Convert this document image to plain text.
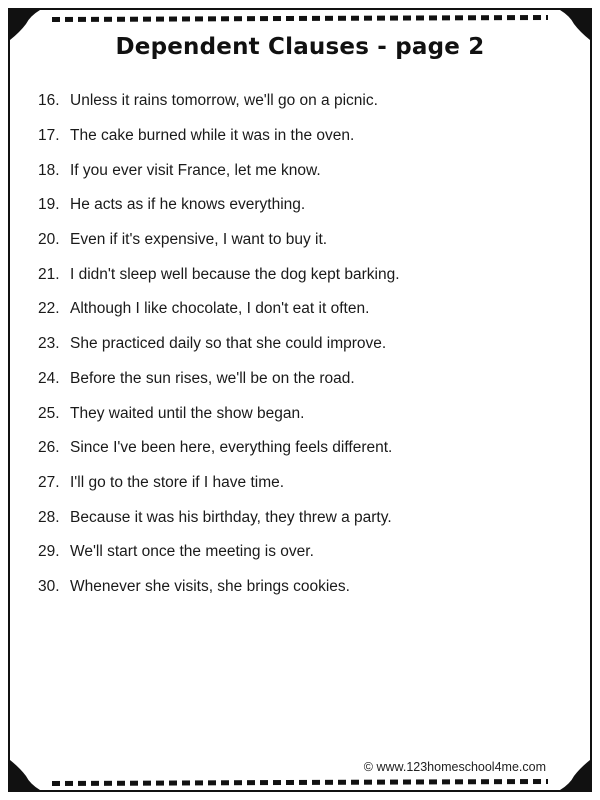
Dependent Clauses - page 2
16. Unless it rains tomorrow, we'll go on a picnic.
17. The cake burned while it was in the oven.
18. If you ever visit France, let me know.
19. He acts as if he knows everything.
20. Even if it's expensive, I want to buy it.
21. I didn't sleep well because the dog kept barking.
22. Although I like chocolate, I don't eat it often.
23. She practiced daily so that she could improve.
24. Before the sun rises, we'll be on the road.
25. They waited until the show began.
26. Since I've been here, everything feels different.
27. I'll go to the store if I have time.
28. Because it was his birthday, they threw a party.
29. We'll start once the meeting is over.
30. Whenever she visits, she brings cookies.
© www.123homeschool4me.com
